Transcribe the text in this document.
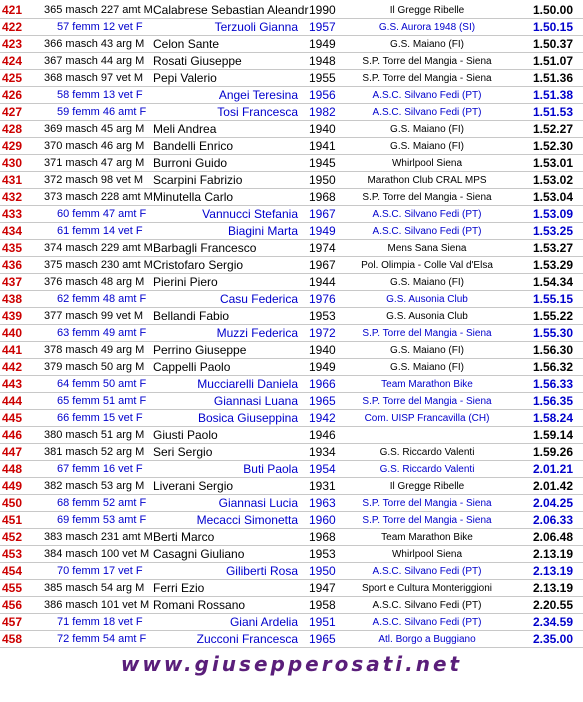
421	365 masch 227 amt M Calabrese Sebastian Aleandr 1990	Il Gregge Ribelle	1.50.00
422	57 femm 12 vet F	Terzuoli Gianna 1957	G.S. Aurora 1948 (SI)	1.50.15
423	366 masch 43 arg M Celon Sante	1949	G.S. Maiano (FI)	1.50.37
424	367 masch 44 arg M Rosati Giuseppe	1948	S.P. Torre del Mangia - Siena	1.51.07
425	368 masch 97 vet M Pepi Valerio	1955	S.P. Torre del Mangia - Siena	1.51.36
426	58 femm 13 vet F	Angei Teresina 1956	A.S.C. Silvano Fedi (PT)	1.51.38
427	59 femm 46 amt F	Tosi Francesca 1982	A.S.C. Silvano Fedi (PT)	1.51.53
428	369 masch 45 arg M Meli Andrea	1940	G.S. Maiano (FI)	1.52.27
429	370 masch 46 arg M Bandelli Enrico	1941	G.S. Maiano (FI)	1.52.30
430	371 masch 47 arg M Burroni Guido	1945	Whirlpool Siena	1.53.01
431	372 masch 98 vet M Scarpini Fabrizio	1950	Marathon Club CRAL MPS	1.53.02
432	373 masch 228 amt M Minutella Carlo	1968	S.P. Torre del Mangia - Siena	1.53.04
433	60 femm 47 amt F	Vannucci Stefania 1967	A.S.C. Silvano Fedi (PT)	1.53.09
434	61 femm 14 vet F	Biagini Marta 1949	A.S.C. Silvano Fedi (PT)	1.53.25
435	374 masch 229 amt M Barbagli Francesco	1974	Mens Sana Siena	1.53.27
436	375 masch 230 amt M Cristofaro Sergio	1967	Pol. Olimpia - Colle Val d'Elsa	1.53.29
437	376 masch 48 arg M Pierini Piero	1944	G.S. Maiano (FI)	1.54.34
438	62 femm 48 amt F	Casu Federica 1976	G.S. Ausonia Club	1.55.15
439	377 masch 99 vet M Bellandi Fabio	1953	G.S. Ausonia Club	1.55.22
440	63 femm 49 amt F	Muzzi Federica 1972	S.P. Torre del Mangia - Siena	1.55.30
441	378 masch 49 arg M Perrino Giuseppe	1940	G.S. Maiano (FI)	1.56.30
442	379 masch 50 arg M Cappelli Paolo	1949	G.S. Maiano (FI)	1.56.32
443	64 femm 50 amt F	Mucciarelli Daniela 1966	Team Marathon Bike	1.56.33
444	65 femm 51 amt F	Giannasi Luana 1965	S.P. Torre del Mangia - Siena	1.56.35
445	66 femm 15 vet F	Bosica Giuseppina 1942	Com. UISP Francavilla (CH)	1.58.24
446	380 masch 51 arg M Giusti Paolo	1946	1.59.14
447	381 masch 52 arg M Seri Sergio	1934	G.S. Riccardo Valenti	1.59.26
448	67 femm 16 vet F	Buti Paola 1954	G.S. Riccardo Valenti	2.01.21
449	382 masch 53 arg M Liverani Sergio	1931	Il Gregge Ribelle	2.01.42
450	68 femm 52 amt F	Giannasi Lucia 1963	S.P. Torre del Mangia - Siena	2.04.25
451	69 femm 53 amt F	Mecacci Simonetta 1960	S.P. Torre del Mangia - Siena	2.06.33
452	383 masch 231 amt M Berti Marco	1968	Team Marathon Bike	2.06.48
453	384 masch 100 vet M Casagni Giuliano	1953	Whirlpool Siena	2.13.19
454	70 femm 17 vet F	Giliberti Rosa 1950	A.S.C. Silvano Fedi (PT)	2.13.19
455	385 masch 54 arg M Ferri Ezio	1947	Sport e Cultura Monteriggioni	2.13.19
456	386 masch 101 vet M Romani Rossano	1958	A.S.C. Silvano Fedi (PT)	2.20.55
457	71 femm 18 vet F	Giani Ardelia 1951	A.S.C. Silvano Fedi (PT)	2.34.59
458	72 femm 54 amt F	Zucconi Francesca 1965	Atl. Borgo a Buggiano	2.35.00
www.giusepperosati.net
